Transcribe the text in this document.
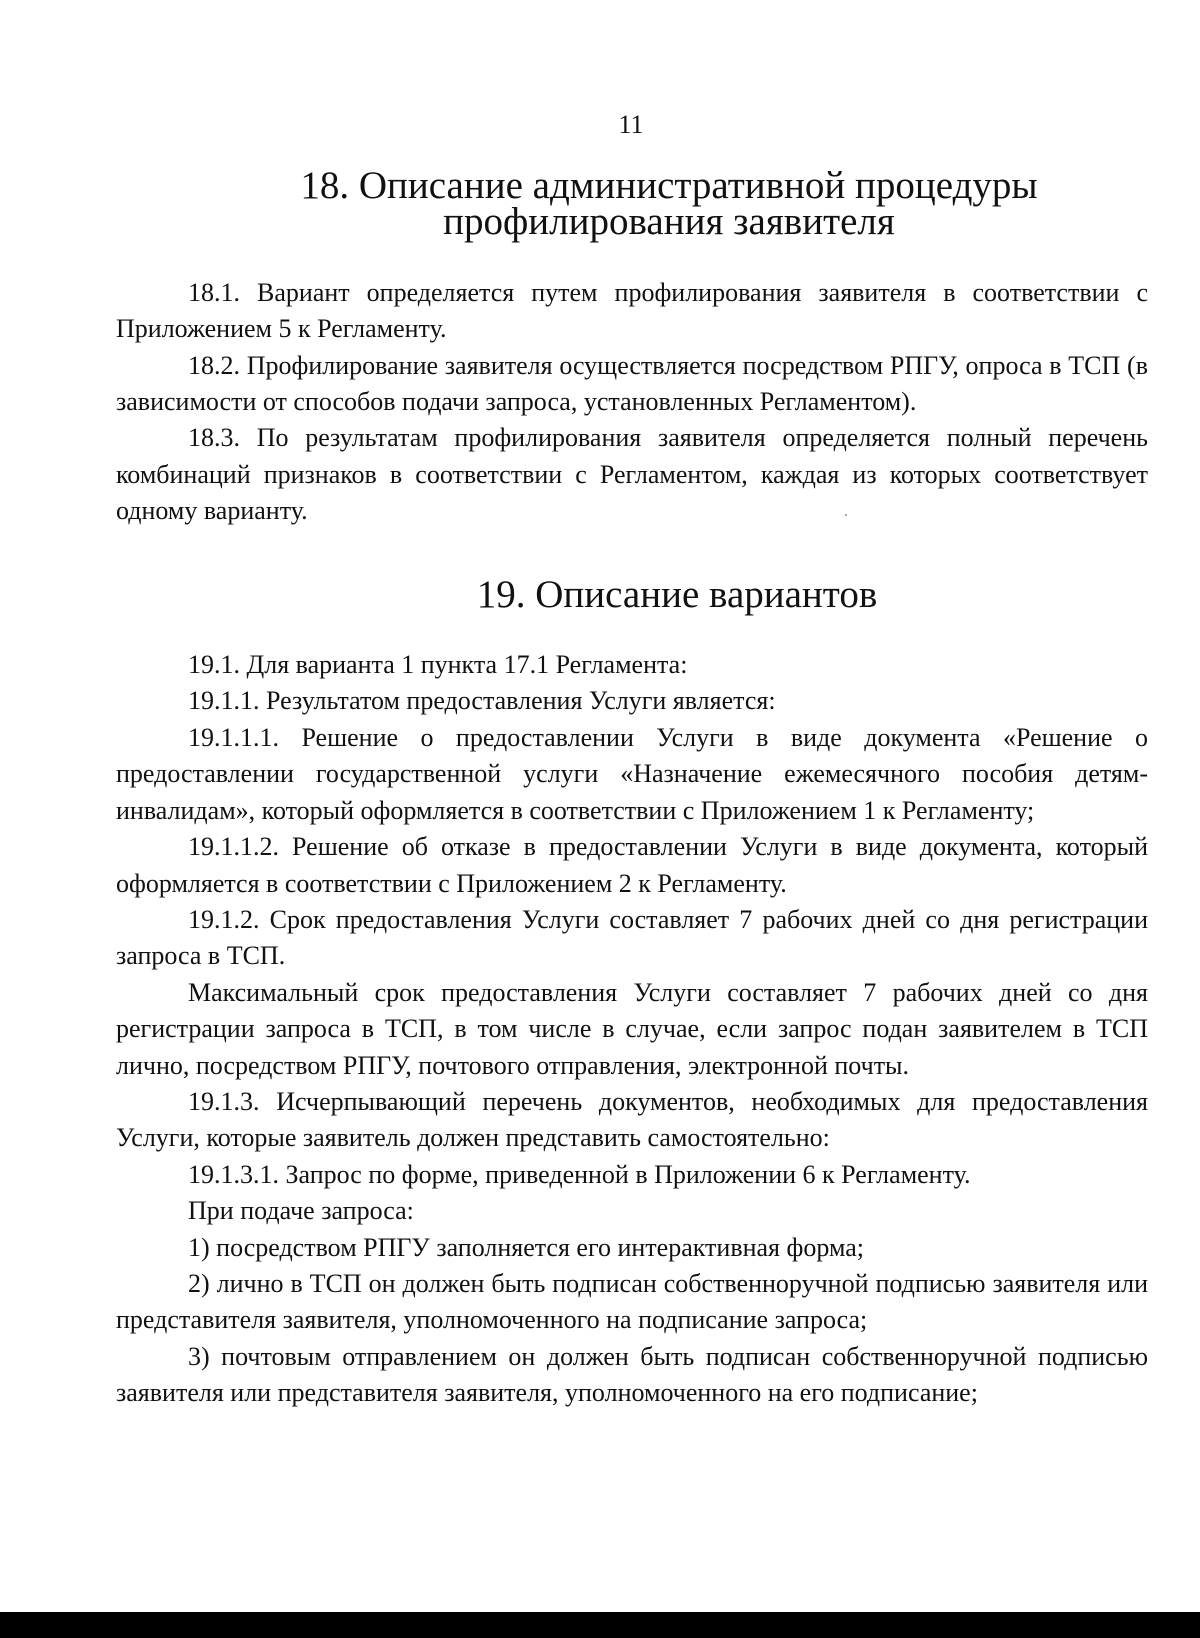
11
18. Описание административной процедуры профилирования заявителя

18.1. Вариант определяется путем профилирования заявителя в соответствии с Приложением 5 к Регламенту.

18.2. Профилирование заявителя осуществляется посредством РПГУ, опроса в ТСП (в зависимости от способов подачи запроса, установленных Регламентом).

18.3. По результатам профилирования заявителя определяется полный перечень комбинаций признаков в соответствии с Регламентом, каждая из которых соответствует одному варианту.

19. Описание вариантов

19.1. Для варианта 1 пункта 17.1 Регламента:

19.1.1. Результатом предоставления Услуги является:

19.1.1.1. Решение о предоставлении Услуги в виде документа «Решение о предоставлении государственной услуги «Назначение ежемесячного пособия детям-инвалидам», который оформляется в соответствии с Приложением 1 к Регламенту;

19.1.1.2. Решение об отказе в предоставлении Услуги в виде документа, который оформляется в соответствии с Приложением 2 к Регламенту.

19.1.2. Срок предоставления Услуги составляет 7 рабочих дней со дня регистрации запроса в ТСП.

Максимальный срок предоставления Услуги составляет 7 рабочих дней со дня регистрации запроса в ТСП, в том числе в случае, если запрос подан заявителем в ТСП лично, посредством РПГУ, почтового отправления, электронной почты.

19.1.3. Исчерпывающий перечень документов, необходимых для предоставления Услуги, которые заявитель должен представить самостоятельно:

19.1.3.1. Запрос по форме, приведенной в Приложении 6 к Регламенту.

При подаче запроса:

1) посредством РПГУ заполняется его интерактивная форма;

2) лично в ТСП он должен быть подписан собственноручной подписью заявителя или представителя заявителя, уполномоченного на подписание запроса;

3) почтовым отправлением он должен быть подписан собственноручной подписью заявителя или представителя заявителя, уполномоченного на его подписание;
